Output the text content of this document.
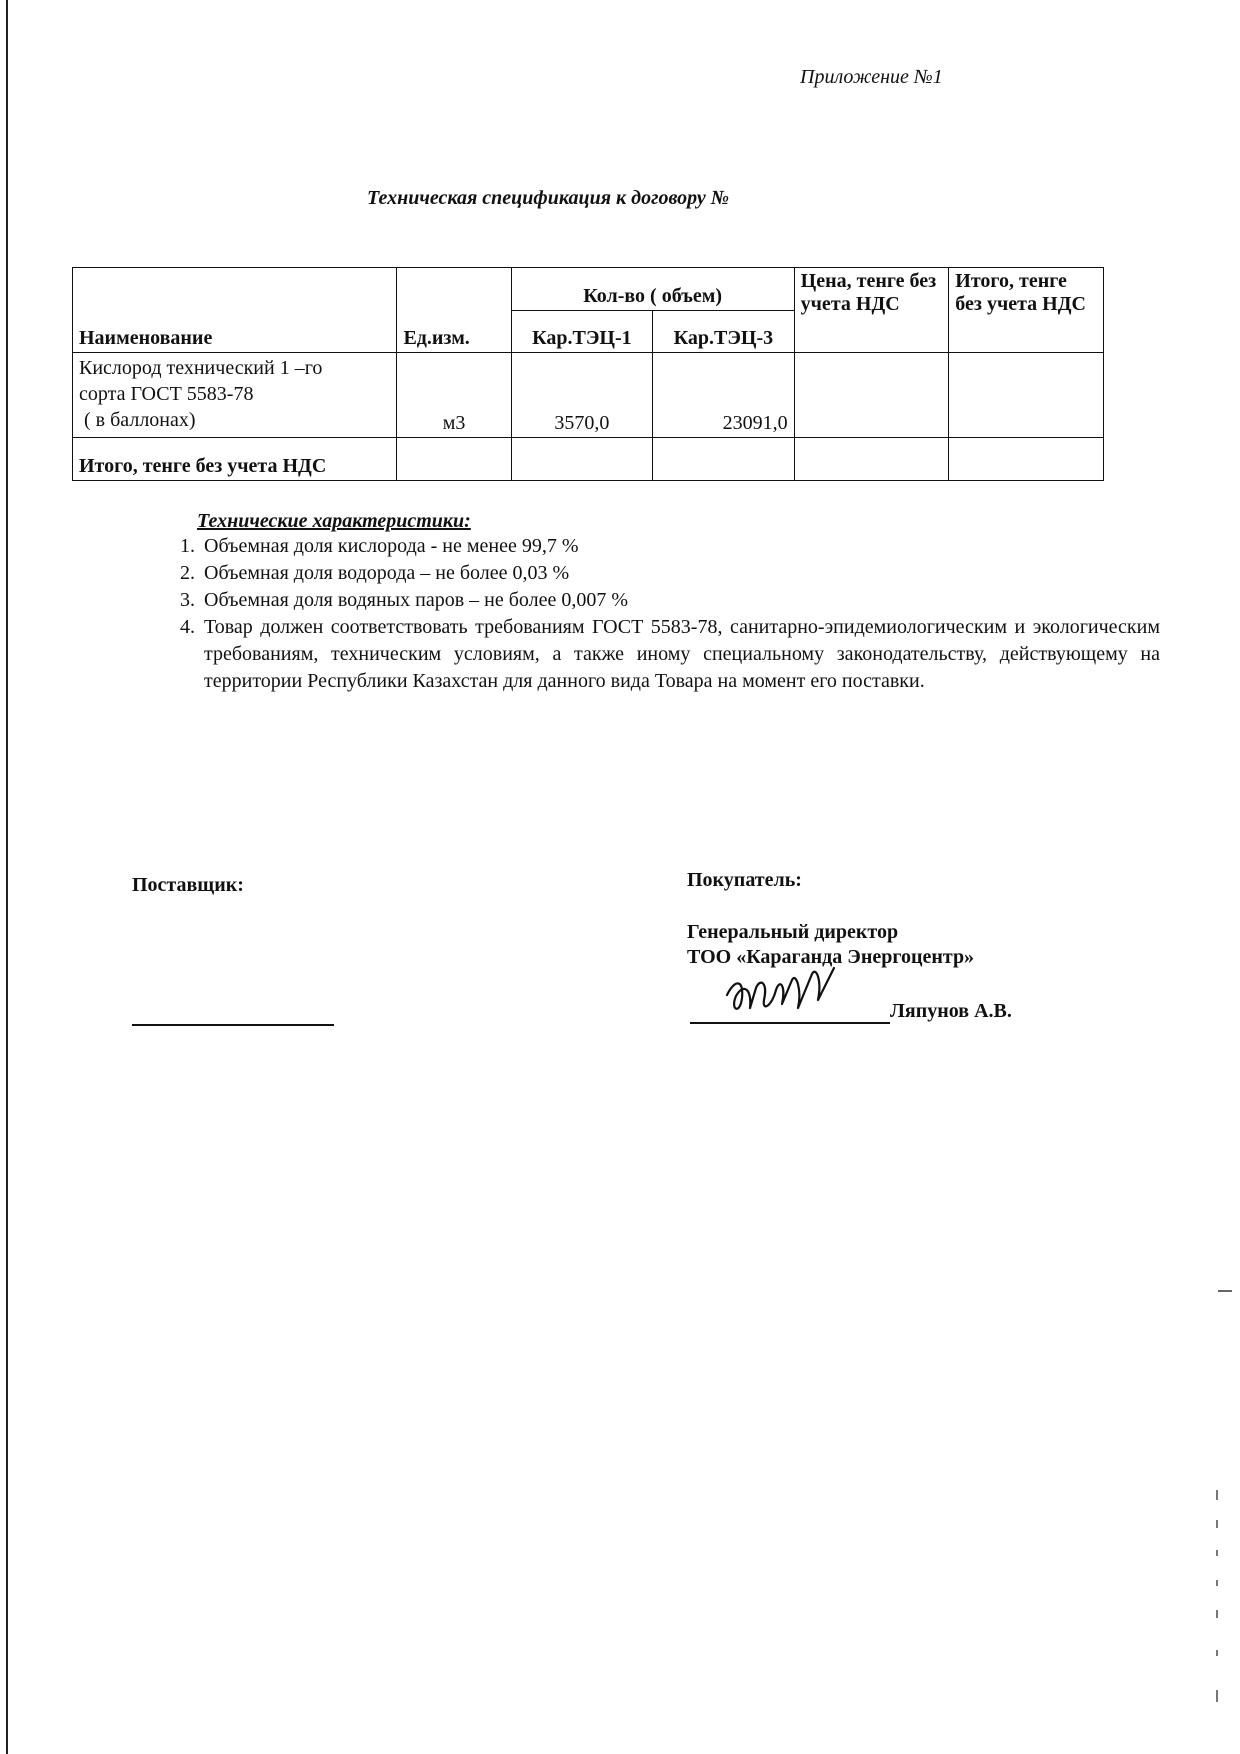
Приложение №1
Техническая спецификация к договору №
Наименование	Ед.изм.	Кол-во ( объем)		Цена, тенге без учета НДС	Итого, тенге без учета НДС
		Кар.ТЭЦ-1	Кар.ТЭЦ-3		

Кислород технический 1 –го
сорта ГОСТ 5583-78
( в баллонах)	м3	3570,0	23091,0		
Итого, тенге без учета НДС					
Технические характеристики:
1. Объемная доля кислорода - не менее 99,7 %
2. Объемная доля водорода – не более 0,03 %
3. Объемная доля водяных паров – не более 0,007 %
4. Товар должен соответствовать требованиям ГОСТ 5583-78, санитарно-эпидемиологическим и экологическим требованиям, техническим условиям, а также иному специальному законодательству, действующему на территории Республики Казахстан для данного вида Товара на момент его поставки.
Поставщик:	Покупатель:
Генеральный директор
ТОО «Караганда Энергоцентр»
Ляпунов А.В.
